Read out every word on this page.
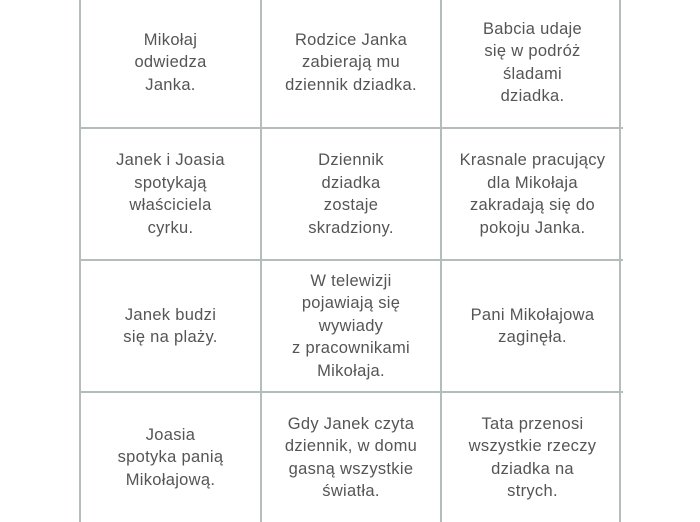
Mikołaj
odwiedza
Janka.
Rodzice Janka
zabierają mu
dziennik dziadka.
Babcia udaje
się w podróż
śladami
dziadka.
Janek i Joasia
spotykają
właściciela
cyrku.
Dziennik
dziadka
zostaje
skradziony.
Krasnale pracujący
dla Mikołaja
zakradają się do
pokoju Janka.
Janek budzi
się na plaży.
W telewizji
pojawiają się
wywiady
z pracownikami
Mikołaja.
Pani Mikołajowa
zaginęła.
Joasia
spotyka panią
Mikołajową.
Gdy Janek czyta
dziennik, w domu
gasną wszystkie
światła.
Tata przenosi
wszystkie rzeczy
dziadka na
strych.
